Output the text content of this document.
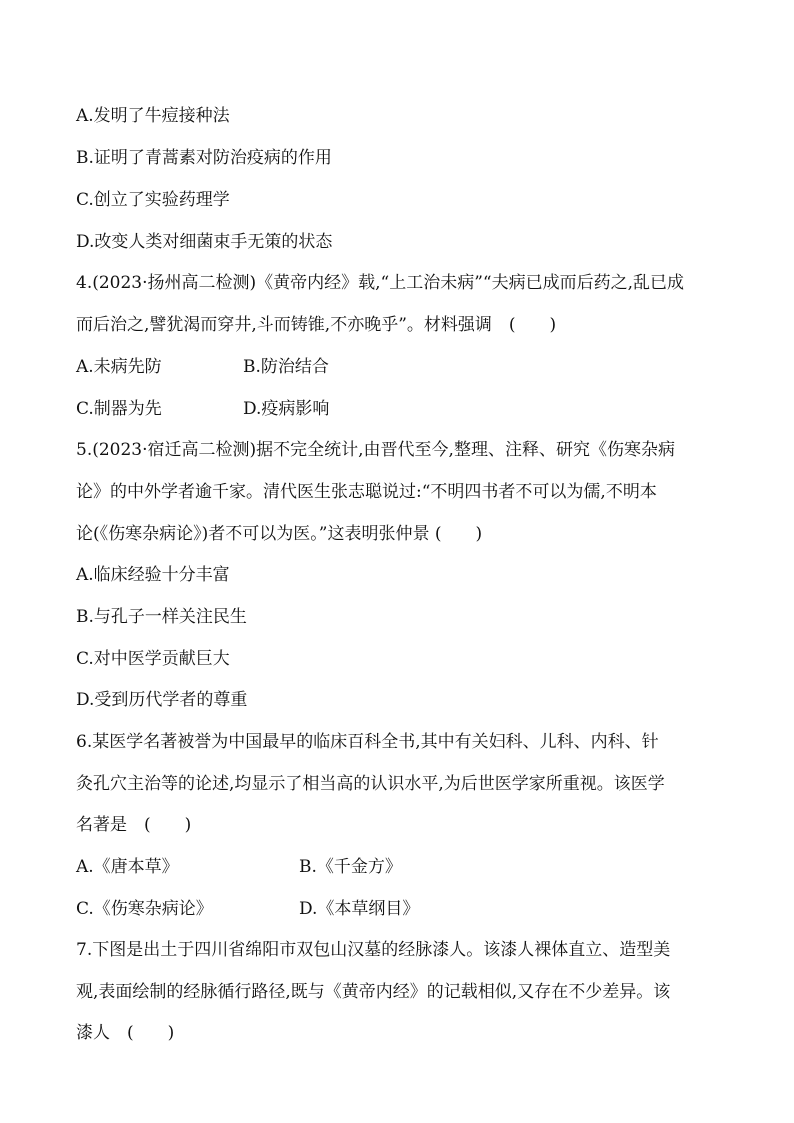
A.发明了牛痘接种法
B.证明了青蒿素对防治疫病的作用
C.创立了实验药理学
D.改变人类对细菌束手无策的状态
4.(2023·扬州高二检测)《黄帝内经》载,“上工治未病”“夫病已成而后药之,乱已成
而后治之,譬犹渴而穿井,斗而铸锥,不亦晚乎”。材料强调　(　　)
A.未病先防	B.防治结合
C.制器为先	D.疫病影响
5.(2023·宿迁高二检测)据不完全统计,由晋代至今,整理、注释、研究《伤寒杂病
论》的中外学者逾千家。清代医生张志聪说过:“不明四书者不可以为儒,不明本
论(《伤寒杂病论》)者不可以为医。”这表明张仲景 (　　)
A.临床经验十分丰富
B.与孔子一样关注民生
C.对中医学贡献巨大
D.受到历代学者的尊重
6.某医学名著被誉为中国最早的临床百科全书,其中有关妇科、儿科、内科、针
灸孔穴主治等的论述,均显示了相当高的认识水平,为后世医学家所重视。该医学
名著是　(　　)
A.《唐本草》	B.《千金方》
C.《伤寒杂病论》	D.《本草纲目》
7.下图是出土于四川省绵阳市双包山汉墓的经脉漆人。该漆人裸体直立、造型美
观,表面绘制的经脉循行路径,既与《黄帝内经》的记载相似,又存在不少差异。该
漆人　(　　)
